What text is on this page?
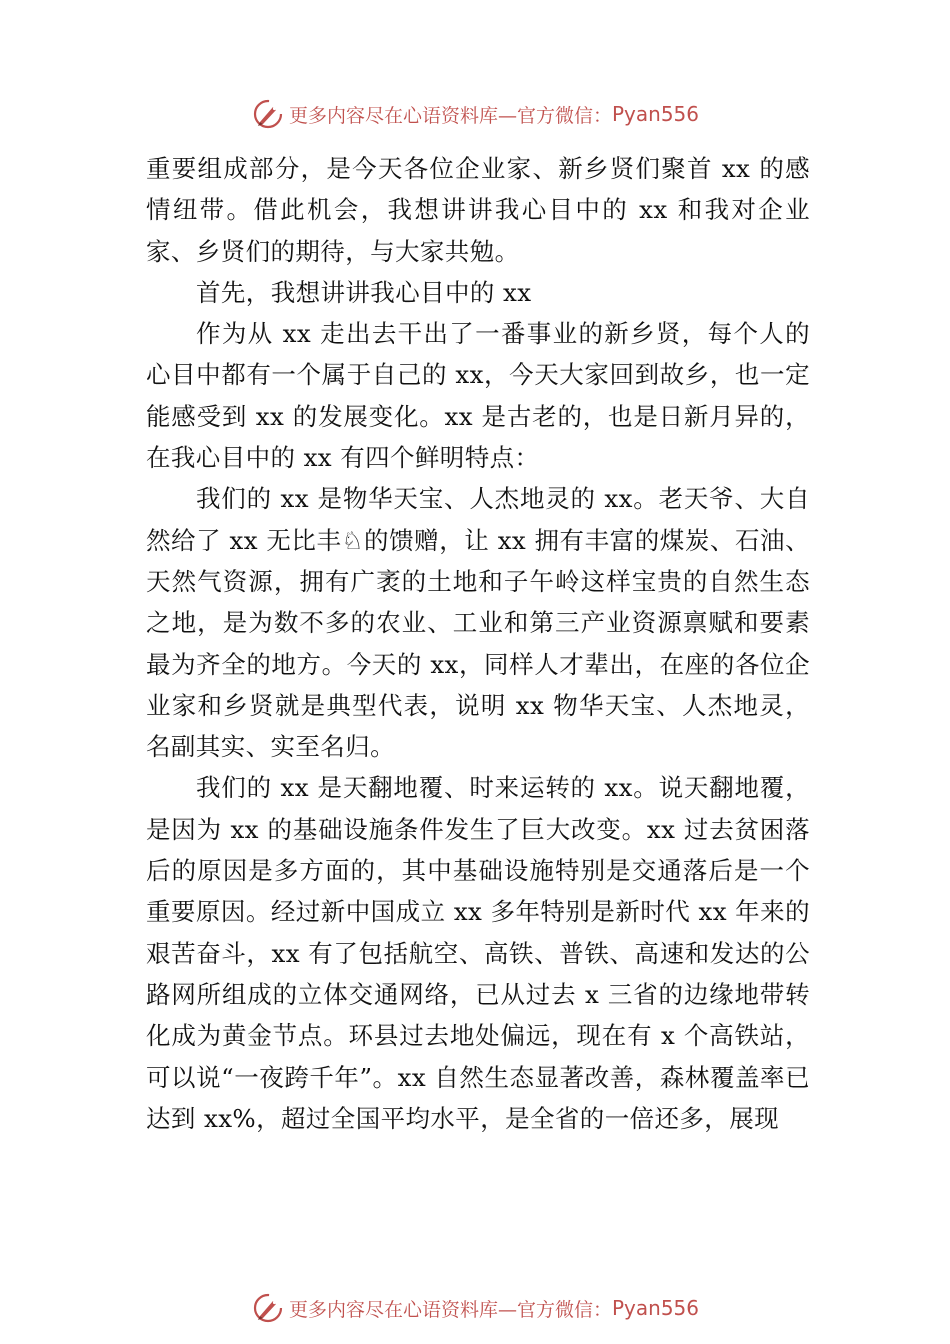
更多内容尽在心语资料库—官方微信： Pyan556

重要组成部分，是今天各位企业家、新乡贤们聚首 xx 的感情纽带。借此机会，我想讲讲我心目中的 xx 和我对企业家、乡贤们的期待，与大家共勉。

首先，我想讲讲我心目中的 xx

作为从 xx 走出去干出了一番事业的新乡贤，每个人的心目中都有一个属于自己的 xx，今天大家回到故乡，也一定能感受到 xx 的发展变化。xx 是古老的，也是日新月异的，在我心目中的 xx 有四个鲜明特点：

我们的 xx 是物华天宝、人杰地灵的 xx。老天爷、大自然给了 xx 无比丰♘的馈赠，让 xx 拥有丰富的煤炭、石油、天然气资源，拥有广袤的土地和子午岭这样宝贵的自然生态之地，是为数不多的农业、工业和第三产业资源禀赋和要素最为齐全的地方。今天的 xx，同样人才辈出，在座的各位企业家和乡贤就是典型代表，说明 xx 物华天宝、人杰地灵，名副其实、实至名归。

我们的 xx 是天翻地覆、时来运转的 xx。说天翻地覆，是因为 xx 的基础设施条件发生了巨大改变。xx 过去贫困落后的原因是多方面的，其中基础设施特别是交通落后是一个重要原因。经过新中国成立 xx 多年特别是新时代 xx 年来的艰苦奋斗，xx 有了包括航空、高铁、普铁、高速和发达的公路网所组成的立体交通网络，已从过去 x 三省的边缘地带转化成为黄金节点。环县过去地处偏远，现在有 x 个高铁站，可以说“一夜跨千年”。xx 自然生态显著改善，森林覆盖率已达到 xx%，超过全国平均水平，是全省的一倍还多，展现

更多内容尽在心语资料库—官方微信： Pyan556
